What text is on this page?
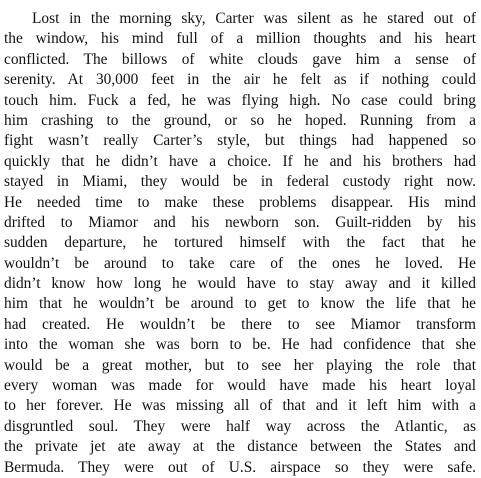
Lost in the morning sky, Carter was silent as he stared out of
the window, his mind full of a million thoughts and his heart
conflicted. The billows of white clouds gave him a sense of
serenity. At 30,000 feet in the air he felt as if nothing could
touch him. Fuck a fed, he was flying high. No case could bring
him crashing to the ground, or so he hoped. Running from a
fight wasn’t really Carter’s style, but things had happened so
quickly that he didn’t have a choice. If he and his brothers had
stayed in Miami, they would be in federal custody right now.
He needed time to make these problems disappear. His mind
drifted to Miamor and his newborn son. Guilt-ridden by his
sudden departure, he tortured himself with the fact that he
wouldn’t be around to take care of the ones he loved. He
didn’t know how long he would have to stay away and it killed
him that he wouldn’t be around to get to know the life that he
had created. He wouldn’t be there to see Miamor transform
into the woman she was born to be. He had confidence that she
would be a great mother, but to see her playing the role that
every woman was made for would have made his heart loyal
to her forever. He was missing all of that and it left him with a
disgruntled soul. They were half way across the Atlantic, as
the private jet ate away at the distance between the States and
Bermuda. They were out of U.S. airspace so they were safe.
